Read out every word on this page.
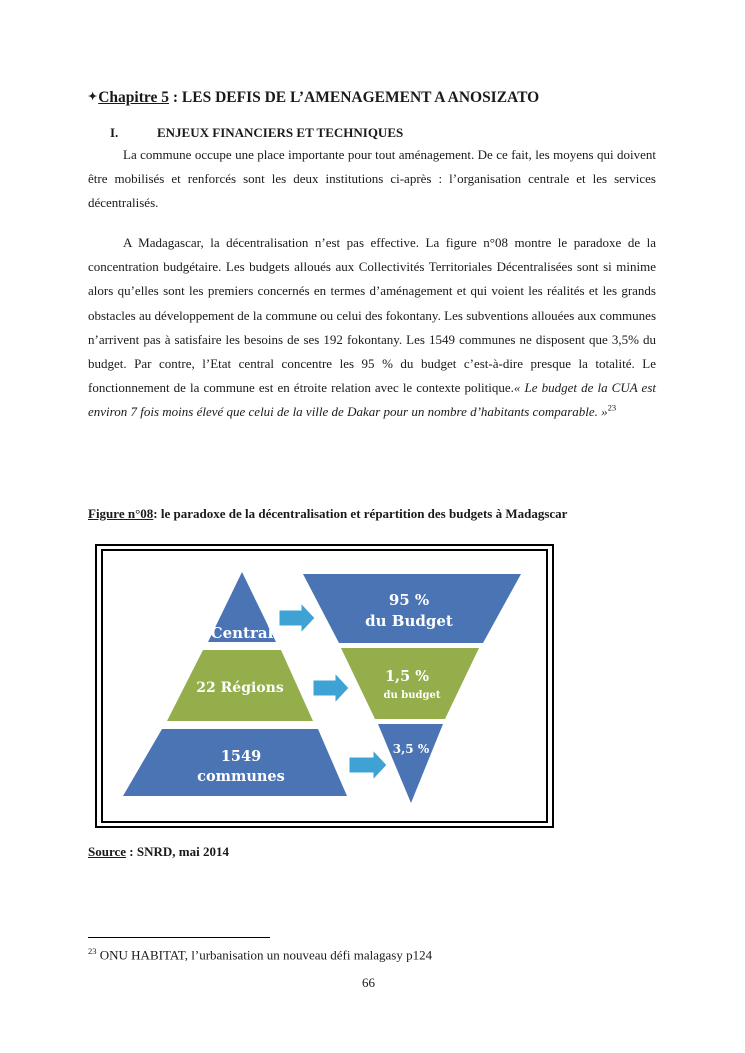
✦Chapitre 5 : LES DEFIS DE L’AMENAGEMENT A ANOSIZATO
I.	ENJEUX FINANCIERS ET TECHNIQUES

La commune occupe une place importante pour tout aménagement. De ce fait, les moyens qui doivent être mobilisés et renforcés sont les deux institutions ci-après : l’organisation centrale et les services décentralisés.

A Madagascar, la décentralisation n’est pas effective. La figure n°08 montre le paradoxe de la concentration budgétaire. Les budgets alloués aux Collectivités Territoriales Décentralisées sont si minime alors qu’elles sont les premiers concernés en termes d’aménagement et qui voient les réalités et les grands obstacles au développement de la commune ou celui des fokontany. Les subventions allouées aux communes n’arrivent pas à satisfaire les besoins de ses 192 fokontany. Les 1549 communes ne disposent que 3,5% du budget. Par contre, l’Etat central concentre les 95 % du budget c’est-à-dire presque la totalité. Le fonctionnement de la commune est en étroite relation avec le contexte politique.« Le budget de la CUA est environ 7 fois moins élevé que celui de la ville de Dakar pour un nombre d’habitants comparable. »$^{23}$

Figure n°08: le paradoxe de la décentralisation et répartition des budgets à Madagscar
Central
22 Régions
1549
communes
95 %
du Budget
1,5 %
du budget
3,5 %
Source : SNRD, mai 2014
$^{23}$ ONU HABITAT, l’urbanisation un nouveau défi malagasy p124
66
